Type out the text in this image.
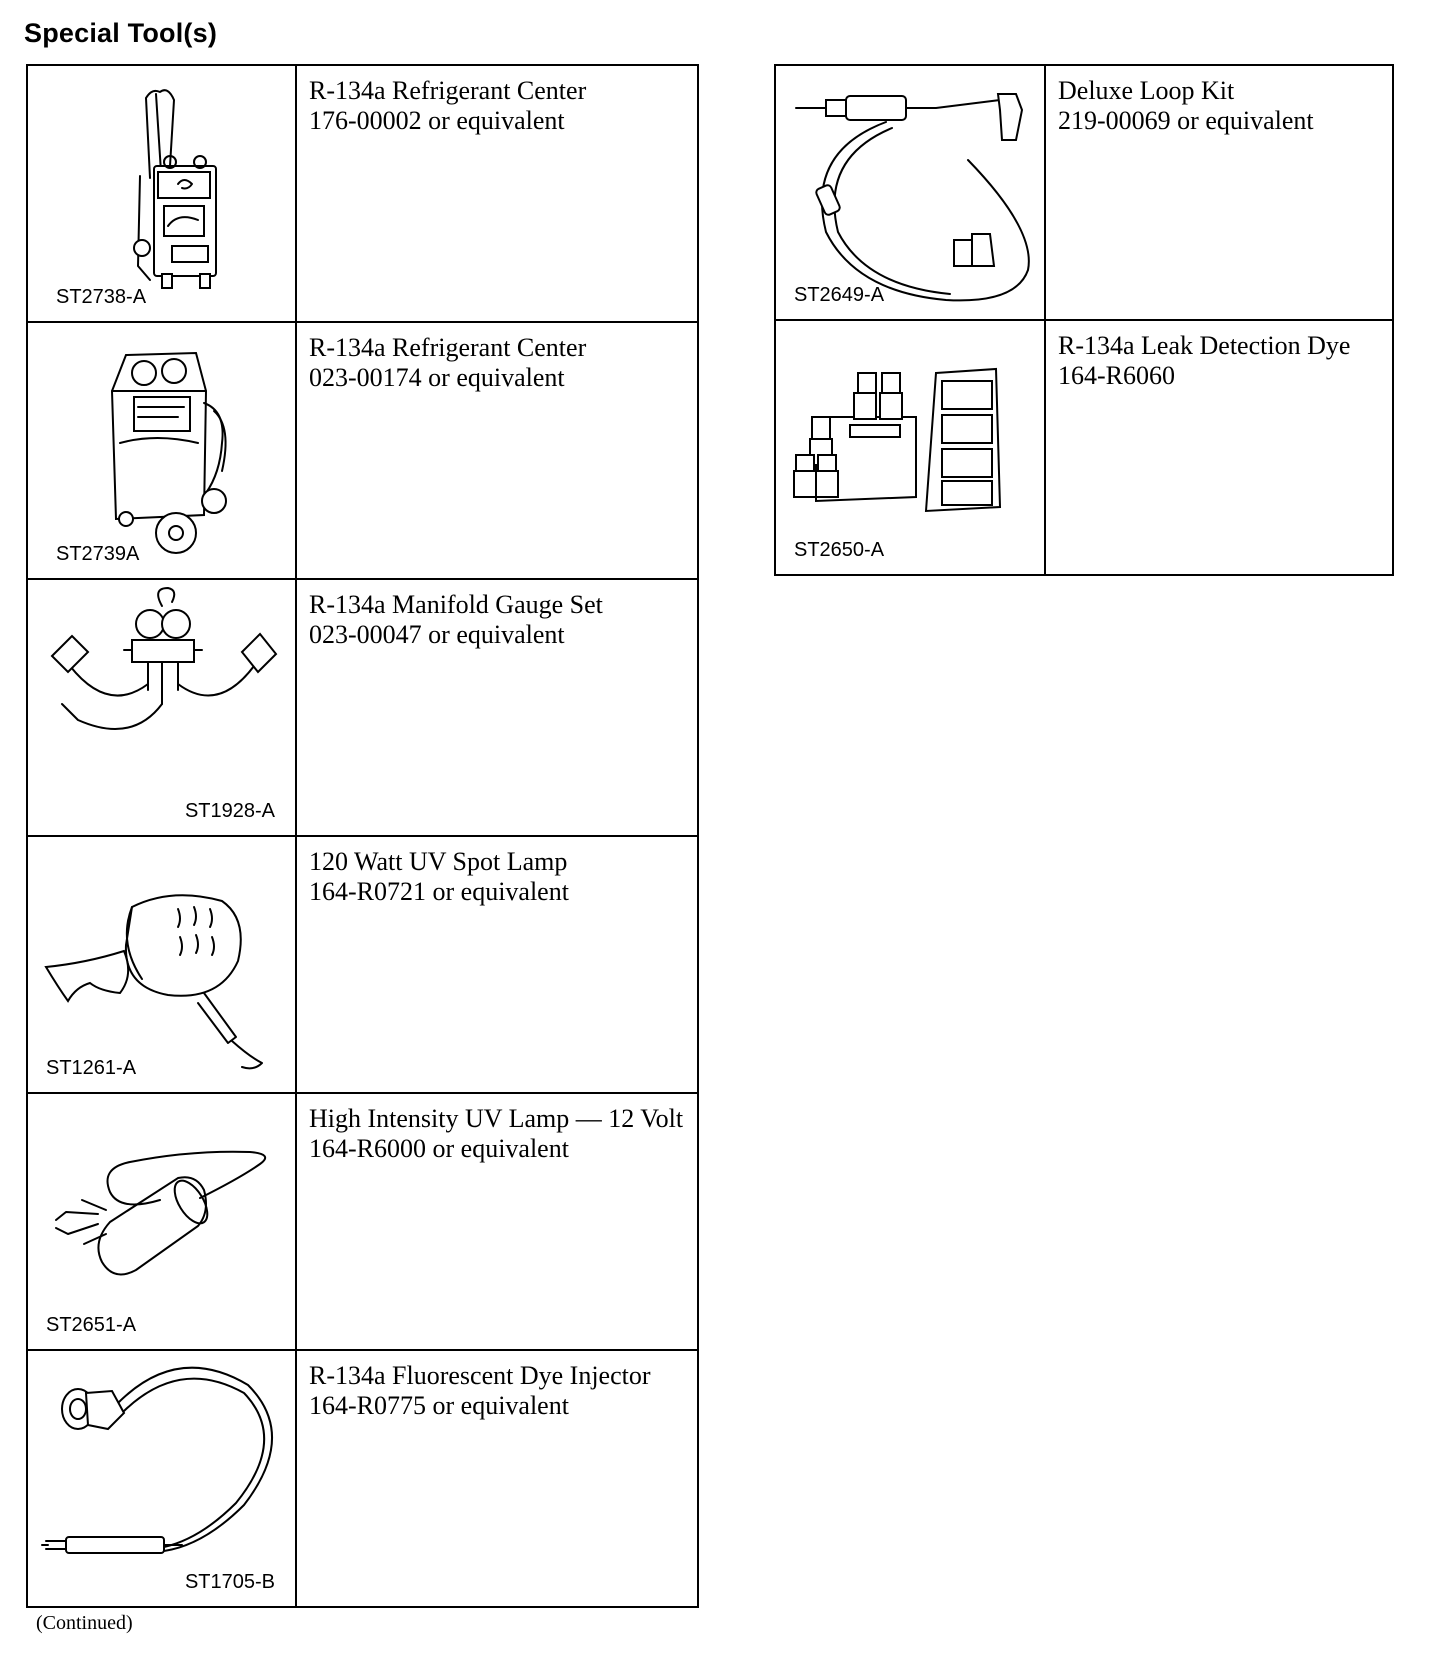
Special Tool(s)
ST2738-A	R-134a Refrigerant Center
176-00002 or equivalent

ST2739A	R-134a Refrigerant Center
023-00174 or equivalent

ST1928-A	R-134a Manifold Gauge Set
023-00047 or equivalent

ST1261-A	120 Watt UV Spot Lamp
164-R0721 or equivalent

ST2651-A	High Intensity UV Lamp — 12 Volt
164-R6000 or equivalent

ST1705-B	R-134a Fluorescent Dye Injector
164-R0775 or equivalent
ST2649-A	Deluxe Loop Kit
219-00069 or equivalent

ST2650-A	R-134a Leak Detection Dye
164-R6060
(Continued)
